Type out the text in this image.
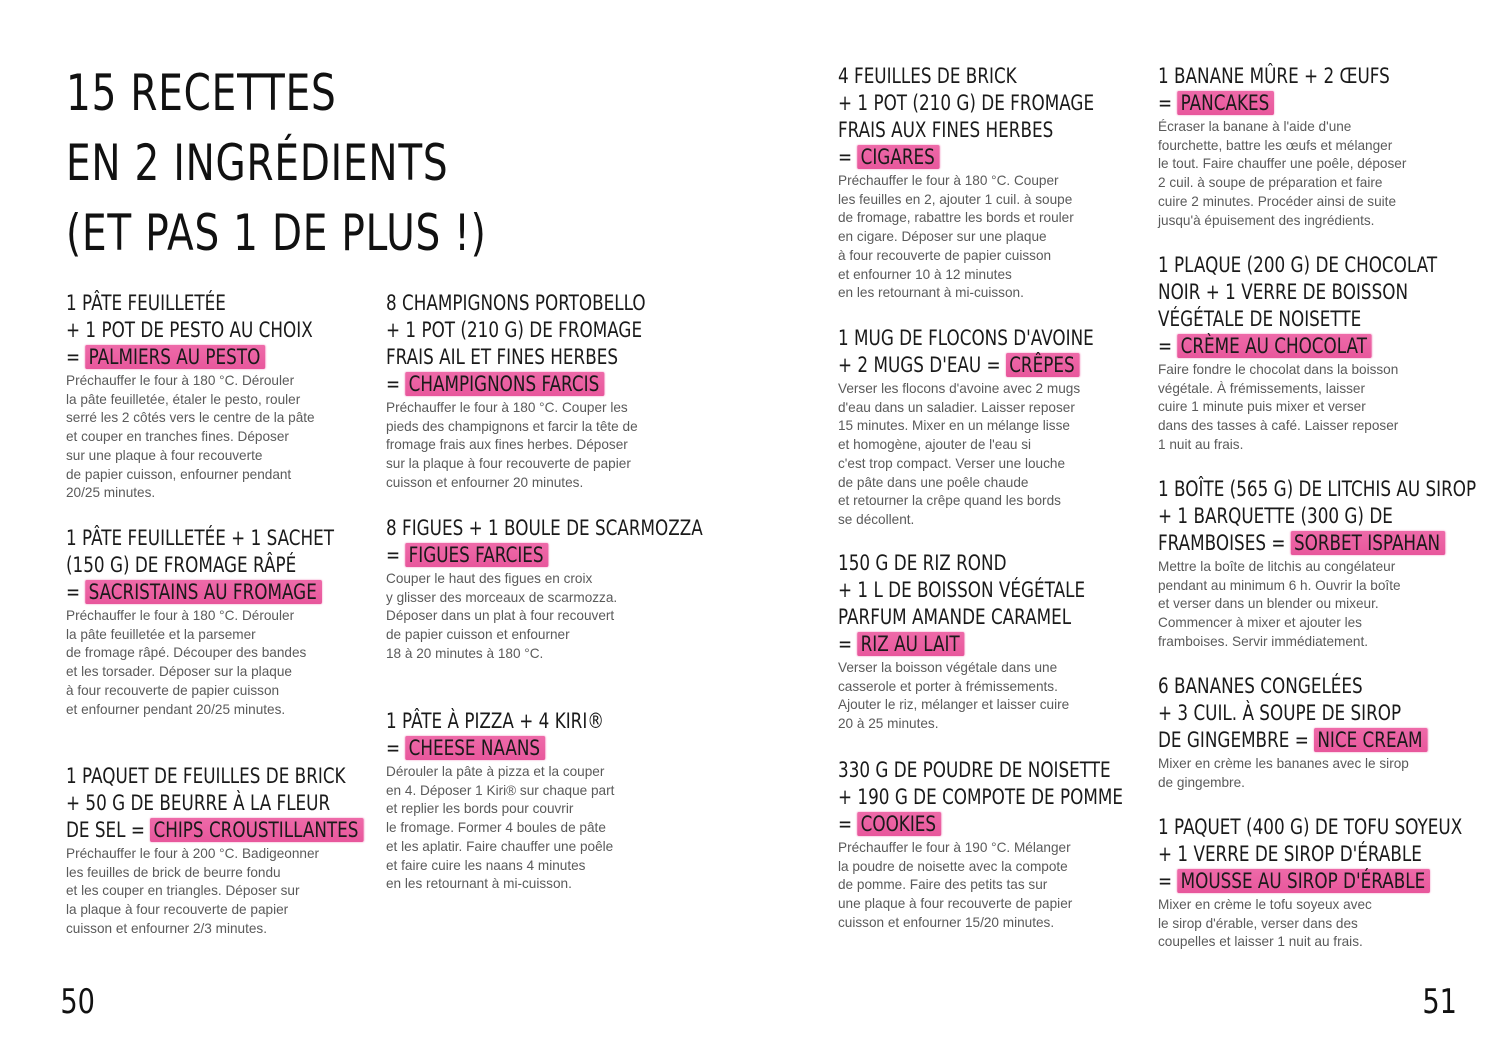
15 RECETTES
EN 2 INGRÉDIENTS
(ET PAS 1 DE PLUS !)
1 PÂTE FEUILLETÉE
+ 1 POT DE PESTO AU CHOIX
= PALMIERS AU PESTO
Préchauffer le four à 180 °C. Dérouler
la pâte feuilletée, étaler le pesto, rouler
serré les 2 côtés vers le centre de la pâte
et couper en tranches fines. Déposer
sur une plaque à four recouverte
de papier cuisson, enfourner pendant
20/25 minutes.
1 PÂTE FEUILLETÉE + 1 SACHET
(150 G) DE FROMAGE RÂPÉ
= SACRISTAINS AU FROMAGE
Préchauffer le four à 180 °C. Dérouler
la pâte feuilletée et la parsemer
de fromage râpé. Découper des bandes
et les torsader. Déposer sur la plaque
à four recouverte de papier cuisson
et enfourner pendant 20/25 minutes.
1 PAQUET DE FEUILLES DE BRICK
+ 50 G DE BEURRE À LA FLEUR
DE SEL = CHIPS CROUSTILLANTES
Préchauffer le four à 200 °C. Badigeonner
les feuilles de brick de beurre fondu
et les couper en triangles. Déposer sur
la plaque à four recouverte de papier
cuisson et enfourner 2/3 minutes.
8 CHAMPIGNONS PORTOBELLO
+ 1 POT (210 G) DE FROMAGE
FRAIS AIL ET FINES HERBES
= CHAMPIGNONS FARCIS
Préchauffer le four à 180 °C. Couper les
pieds des champignons et farcir la tête de
fromage frais aux fines herbes. Déposer
sur la plaque à four recouverte de papier
cuisson et enfourner 20 minutes.
8 FIGUES + 1 BOULE DE SCARMOZZA
= FIGUES FARCIES
Couper le haut des figues en croix
y glisser des morceaux de scarmozza.
Déposer dans un plat à four recouvert
de papier cuisson et enfourner
18 à 20 minutes à 180 °C.
1 PÂTE À PIZZA + 4 KIRI®
= CHEESE NAANS
Dérouler la pâte à pizza et la couper
en 4. Déposer 1 Kiri® sur chaque part
et replier les bords pour couvrir
le fromage. Former 4 boules de pâte
et les aplatir. Faire chauffer une poêle
et faire cuire les naans 4 minutes
en les retournant à mi-cuisson.
4 FEUILLES DE BRICK
+ 1 POT (210 G) DE FROMAGE
FRAIS AUX FINES HERBES
= CIGARES
Préchauffer le four à 180 °C. Couper
les feuilles en 2, ajouter 1 cuil. à soupe
de fromage, rabattre les bords et rouler
en cigare. Déposer sur une plaque
à four recouverte de papier cuisson
et enfourner 10 à 12 minutes
en les retournant à mi-cuisson.
1 MUG DE FLOCONS D'AVOINE
+ 2 MUGS D'EAU = CRÊPES
Verser les flocons d'avoine avec 2 mugs
d'eau dans un saladier. Laisser reposer
15 minutes. Mixer en un mélange lisse
et homogène, ajouter de l'eau si
c'est trop compact. Verser une louche
de pâte dans une poêle chaude
et retourner la crêpe quand les bords
se décollent.
150 G DE RIZ ROND
+ 1 L DE BOISSON VÉGÉTALE
PARFUM AMANDE CARAMEL
= RIZ AU LAIT
Verser la boisson végétale dans une
casserole et porter à frémissements.
Ajouter le riz, mélanger et laisser cuire
20 à 25 minutes.
330 G DE POUDRE DE NOISETTE
+ 190 G DE COMPOTE DE POMME
= COOKIES
Préchauffer le four à 190 °C. Mélanger
la poudre de noisette avec la compote
de pomme. Faire des petits tas sur
une plaque à four recouverte de papier
cuisson et enfourner 15/20 minutes.
1 BANANE MÛRE + 2 ŒUFS
= PANCAKES
Écraser la banane à l'aide d'une
fourchette, battre les œufs et mélanger
le tout. Faire chauffer une poêle, déposer
2 cuil. à soupe de préparation et faire
cuire 2 minutes. Procéder ainsi de suite
jusqu'à épuisement des ingrédients.
1 PLAQUE (200 G) DE CHOCOLAT
NOIR + 1 VERRE DE BOISSON
VÉGÉTALE DE NOISETTE
= CRÈME AU CHOCOLAT
Faire fondre le chocolat dans la boisson
végétale. À frémissements, laisser
cuire 1 minute puis mixer et verser
dans des tasses à café. Laisser reposer
1 nuit au frais.
1 BOÎTE (565 G) DE LITCHIS AU SIROP
+ 1 BARQUETTE (300 G) DE
FRAMBOISES = SORBET ISPAHAN
Mettre la boîte de litchis au congélateur
pendant au minimum 6 h. Ouvrir la boîte
et verser dans un blender ou mixeur.
Commencer à mixer et ajouter les
framboises. Servir immédiatement.
6 BANANES CONGELÉES
+ 3 CUIL. À SOUPE DE SIROP
DE GINGEMBRE = NICE CREAM
Mixer en crème les bananes avec le sirop
de gingembre.
1 PAQUET (400 G) DE TOFU SOYEUX
+ 1 VERRE DE SIROP D'ÉRABLE
= MOUSSE AU SIROP D'ÉRABLE
Mixer en crème le tofu soyeux avec
le sirop d'érable, verser dans des
coupelles et laisser 1 nuit au frais.
50	51
